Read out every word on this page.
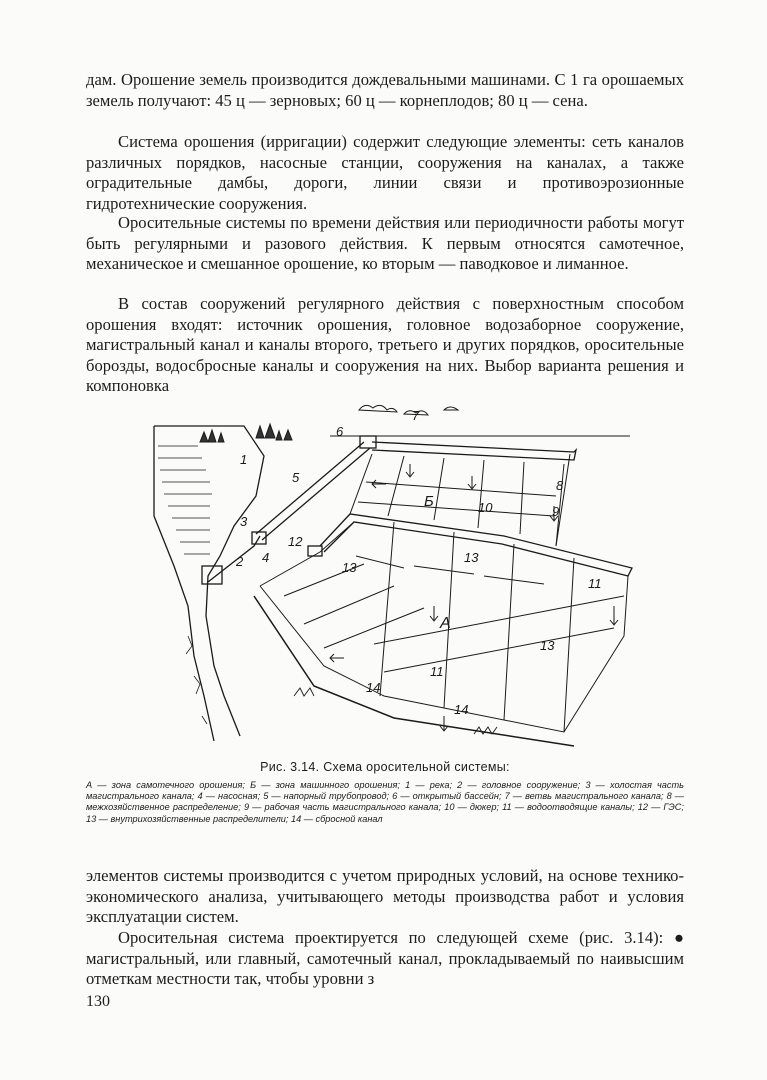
дам. Орошение земель производится дождевальными машинами. С 1 га орошаемых земель получают: 45 ц — зерновых; 60 ц — корнеплодов; 80 ц — сена.

Система орошения (ирригации) содержит следующие элементы: сеть каналов различных порядков, насосные станции, сооружения на каналах, а также оградительные дамбы, дороги, линии связи и противоэрозионные гидротехнические сооружения.

Оросительные системы по времени действия или периодичности работы могут быть регулярными и разового действия. К первым относятся самотечное, механическое и смешанное орошение, ко вторым — паводковое и лиманное.

В состав сооружений регулярного действия с поверхностным способом орошения входят: источник орошения, головное водозаборное сооружение, магистральный канал и каналы второго, третьего и других порядков, оросительные борозды, водосбросные каналы и сооружения на них. Выбор варианта решения и компоновка

1
2
3
4
5
6
7
8
9
10
11
11
12
13
13
13
14
14
А
Б
Рис. 3.14. Схема оросительной системы:
А — зона самотечного орошения; Б — зона машинного орошения; 1 — река; 2 — головное сооружение; 3 — холостая часть магистрального канала; 4 — насосная; 5 — напорный трубопровод; 6 — открытый бассейн; 7 — ветвь магистрального канала; 8 — межхозяйственное распределение; 9 — рабочая часть магистрального канала; 10 — дюкер; 11 — водоотводящие каналы; 12 — ГЭС; 13 — внутрихозяйственные распределители; 14 — сбросной канал

элементов системы производится с учетом природных условий, на основе технико-экономического анализа, учитывающего методы производства работ и условия эксплуатации систем.

Оросительная система проектируется по следующей схеме (рис. 3.14): ● магистральный, или главный, самотечный канал, прокладываемый по наивысшим отметкам местности так, чтобы уровни з

130
